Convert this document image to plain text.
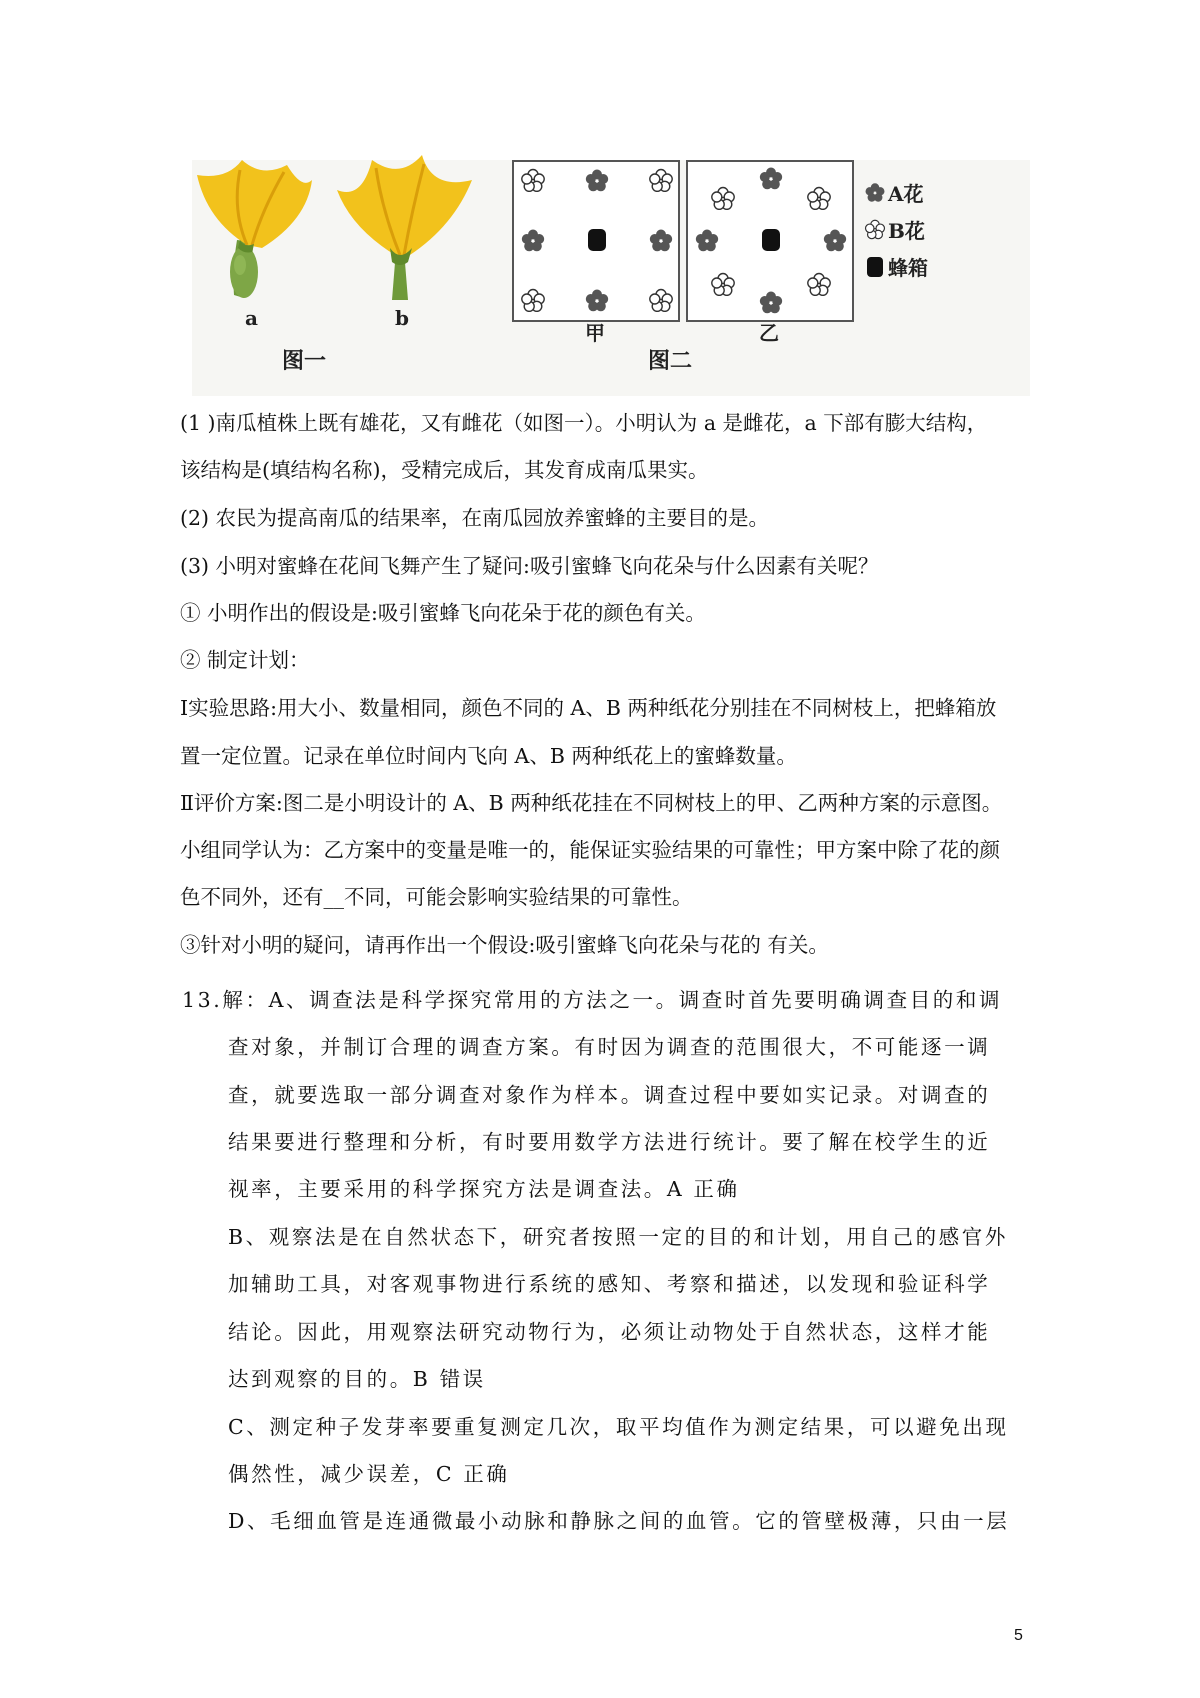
a	b
图一
甲	乙
图二
A花
B花
蜂箱
(1 )南瓜植株上既有雄花，又有雌花（如图一）。小明认为 a 是雌花，a 下部有膨大结构，
该结构是(填结构名称)，受精完成后，其发育成南瓜果实。
(2) 农民为提高南瓜的结果率，在南瓜园放养蜜蜂的主要目的是。
(3) 小明对蜜蜂在花间飞舞产生了疑问:吸引蜜蜂飞向花朵与什么因素有关呢？
① 小明作出的假设是:吸引蜜蜂飞向花朵于花的颜色有关。
② 制定计划：
Ⅰ实验思路:用大小、数量相同，颜色不同的 A、B 两种纸花分别挂在不同树枝上，把蜂箱放
置一定位置。记录在单位时间内飞向 A、B 两种纸花上的蜜蜂数量。
Ⅱ评价方案:图二是小明设计的 A、B 两种纸花挂在不同树枝上的甲、乙两种方案的示意图。
小组同学认为：乙方案中的变量是唯一的，能保证实验结果的可靠性；甲方案中除了花的颜
色不同外，还有__不同，可能会影响实验结果的可靠性。
③针对小明的疑问，请再作出一个假设:吸引蜜蜂飞向花朵与花的 有关。
13.解：A、调查法是科学探究常用的方法之一。调查时首先要明确调查目的和调
查对象，并制订合理的调查方案。有时因为调查的范围很大，不可能逐一调
查，就要选取一部分调查对象作为样本。调查过程中要如实记录。对调查的
结果要进行整理和分析，有时要用数学方法进行统计。要了解在校学生的近
视率，主要采用的科学探究方法是调查法。A 正确
B、观察法是在自然状态下，研究者按照一定的目的和计划，用自己的感官外
加辅助工具，对客观事物进行系统的感知、考察和描述，以发现和验证科学
结论。因此，用观察法研究动物行为，必须让动物处于自然状态，这样才能
达到观察的目的。B 错误
C、测定种子发芽率要重复测定几次，取平均值作为测定结果，可以避免出现
偶然性，减少误差，C 正确
D、毛细血管是连通微最小动脉和静脉之间的血管。它的管壁极薄，只由一层
5
